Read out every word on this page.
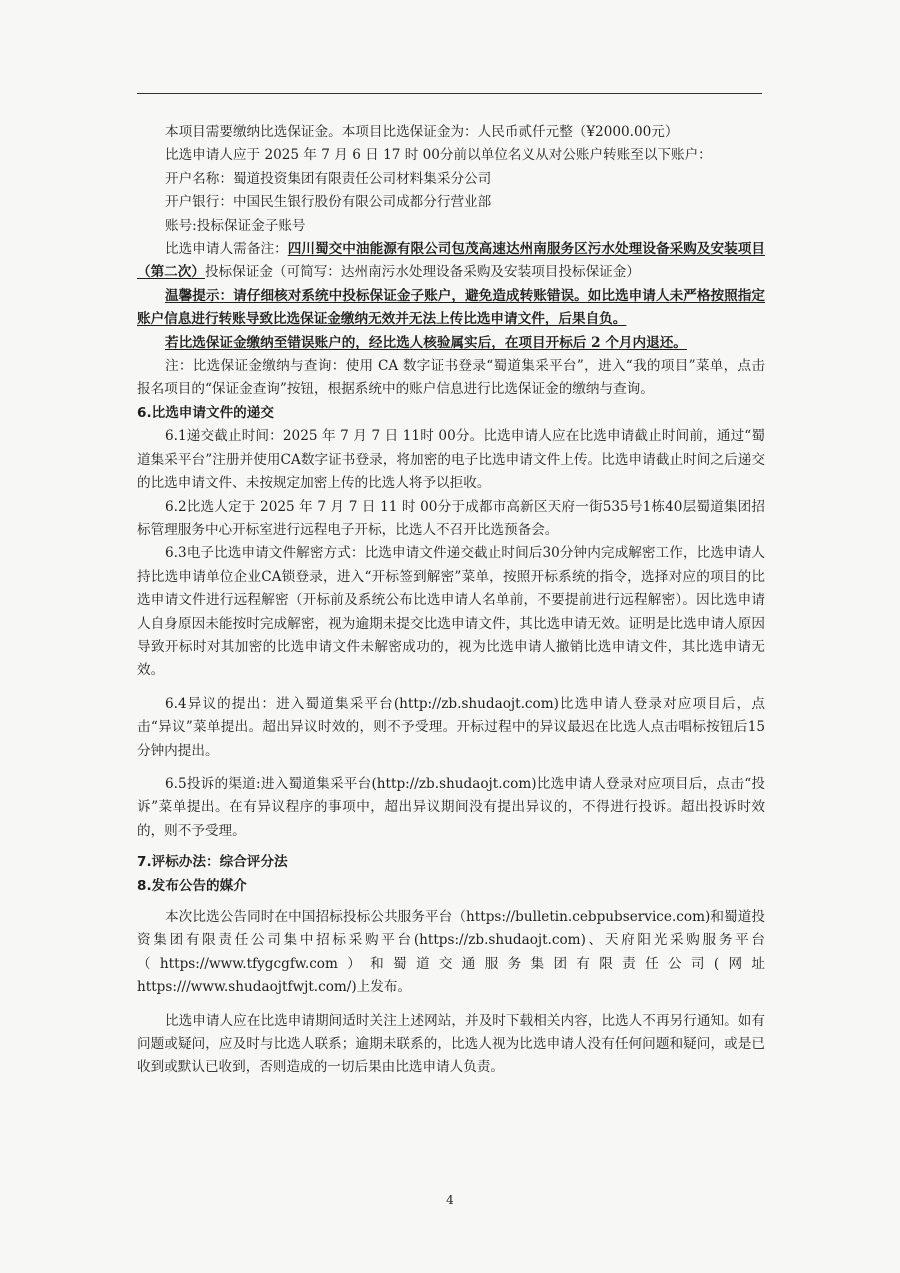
本项目需要缴纳比选保证金。本项目比选保证金为：人民币贰仟元整（¥2000.00元）

比选申请人应于 2025 年 7 月 6 日 17 时 00分前以单位名义从对公账户转账至以下账户：

开户名称：蜀道投资集团有限责任公司材料集采分公司

开户银行：中国民生银行股份有限公司成都分行营业部

账号:投标保证金子账号

比选申请人需备注：四川蜀交中油能源有限公司包茂高速达州南服务区污水处理设备采购及安装项目（第二次）投标保证金（可简写：达州南污水处理设备采购及安装项目投标保证金）

温馨提示：请仔细核对系统中投标保证金子账户，避免造成转账错误。如比选申请人未严格按照指定账户信息进行转账导致比选保证金缴纳无效并无法上传比选申请文件，后果自负。

若比选保证金缴纳至错误账户的，经比选人核验属实后，在项目开标后 2 个月内退还。

注：比选保证金缴纳与查询：使用 CA 数字证书登录“蜀道集采平台”，进入“我的项目”菜单，点击报名项目的“保证金查询”按钮，根据系统中的账户信息进行比选保证金的缴纳与查询。

6.比选申请文件的递交

6.1递交截止时间：2025 年 7 月 7 日 11时 00分。比选申请人应在比选申请截止时间前，通过“蜀道集采平台”注册并使用CA数字证书登录，将加密的电子比选申请文件上传。比选申请截止时间之后递交的比选申请文件、未按规定加密上传的比选人将予以拒收。

6.2比选人定于 2025 年 7 月 7 日 11 时 00分于成都市高新区天府一街535号1栋40层蜀道集团招标管理服务中心开标室进行远程电子开标，比选人不召开比选预备会。

6.3电子比选申请文件解密方式：比选申请文件递交截止时间后30分钟内完成解密工作，比选申请人持比选申请单位企业CA锁登录，进入“开标签到解密”菜单，按照开标系统的指令，选择对应的项目的比选申请文件进行远程解密（开标前及系统公布比选申请人名单前，不要提前进行远程解密）。因比选申请人自身原因未能按时完成解密，视为逾期未提交比选申请文件，其比选申请无效。证明是比选申请人原因导致开标时对其加密的比选申请文件未解密成功的，视为比选申请人撤销比选申请文件，其比选申请无效。

6.4异议的提出：进入蜀道集采平台(http://zb.shudaojt.com)比选申请人登录对应项目后，点击“异议”菜单提出。超出异议时效的，则不予受理。开标过程中的异议最迟在比选人点击唱标按钮后15分钟内提出。

6.5投诉的渠道:进入蜀道集采平台(http://zb.shudaojt.com)比选申请人登录对应项目后，点击“投诉”菜单提出。在有异议程序的事项中，超出异议期间没有提出异议的，不得进行投诉。超出投诉时效的，则不予受理。

7.评标办法：综合评分法

8.发布公告的媒介

本次比选公告同时在中国招标投标公共服务平台（https://bulletin.cebpubservice.com)和蜀道投资集团有限责任公司集中招标采购平台(https://zb.shudaojt.com)、天府阳光采购服务平台（https://www.tfygcgfw.com）和蜀道交通服务集团有限责任公司(网址https:///www.shudaojtfwjt.com/)上发布。

比选申请人应在比选申请期间适时关注上述网站，并及时下载相关内容，比选人不再另行通知。如有问题或疑问，应及时与比选人联系；逾期未联系的，比选人视为比选申请人没有任何问题和疑问，或是已收到或默认已收到，否则造成的一切后果由比选申请人负责。

4
